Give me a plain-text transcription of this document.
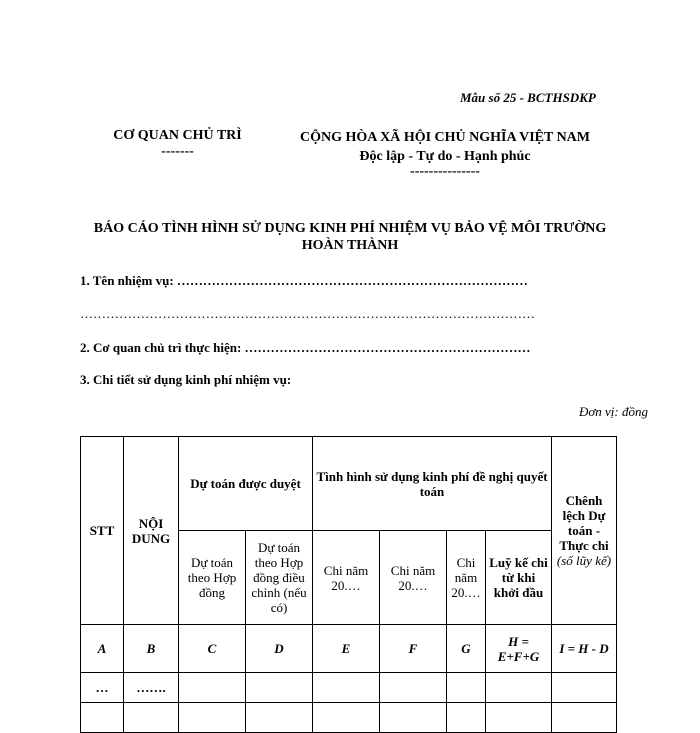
Mẫu số 25 - BCTHSDKP
CƠ QUAN CHỦ TRÌ
-------
CỘNG HÒA XÃ HỘI CHỦ NGHĨA VIỆT NAM
Độc lập - Tự do - Hạnh phúc
---------------
BÁO CÁO TÌNH HÌNH SỬ DỤNG KINH PHÍ NHIỆM VỤ BẢO VỆ MÔI TRƯỜNG HOÀN THÀNH
1. Tên nhiệm vụ: ………………………………………………………………………
……………………………………………………………………………………………
2. Cơ quan chủ trì thực hiện: …………………………………………………………
3. Chi tiết sử dụng kinh phí nhiệm vụ:
Đơn vị: đồng
STT	NỘI DUNG	Dự toán được duyệt		Tình hình sử dụng kinh phí đề nghị quyết toán				Chênh lệch Dự toán - Thực chi
(số lũy kế)

		Dự toán theo Hợp đồng	Dự toán theo Hợp đồng điều chỉnh (nếu có)	Chi năm 20.…	Chi năm 20.…	Chi năm 20.…	Luỹ kế chi từ khi khởi đầu	
A	B	C	D	E	F	G	H = E+F+G	I = H - D
…	…….							
